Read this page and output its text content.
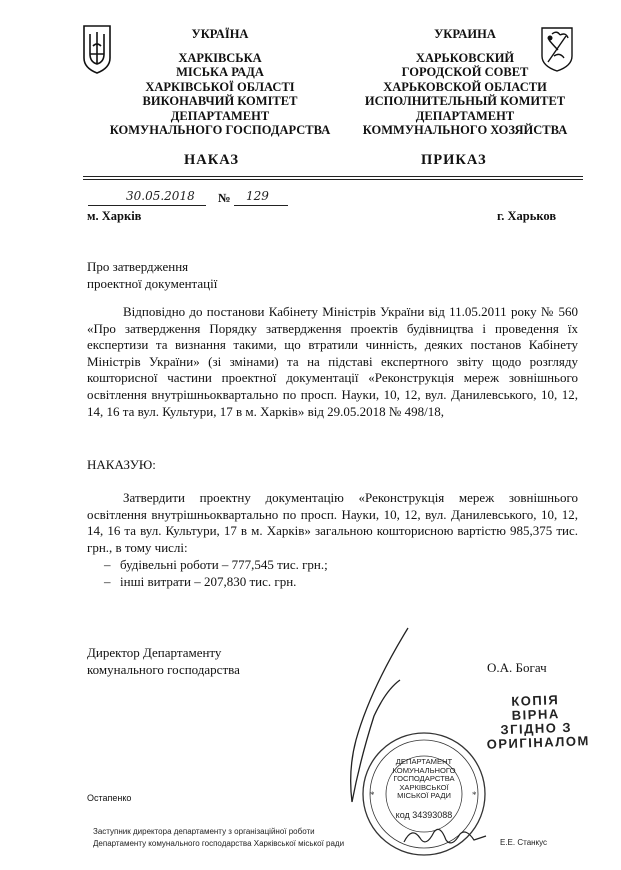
УКРАЇНА
ХАРКІВСЬКА
МІСЬКА РАДА
ХАРКІВСЬКОЇ ОБЛАСТІ
ВИКОНАВЧИЙ КОМІТЕТ
ДЕПАРТАМЕНТ
КОМУНАЛЬНОГО ГОСПОДАРСТВА
УКРАИНА
ХАРЬКОВСКИЙ
ГОРОДСКОЙ СОВЕТ
ХАРЬКОВСКОЙ ОБЛАСТИ
ИСПОЛНИТЕЛЬНЫЙ КОМИТЕТ
ДЕПАРТАМЕНТ
КОММУНАЛЬНОГО ХОЗЯЙСТВА
НАКАЗ	ПРИКАЗ
30.05.2018 № 129
м. Харків	г. Харьков
Про затвердження
проектної документації

Відповідно до постанови Кабінету Міністрів України від 11.05.2011 року № 560 «Про затвердження Порядку затвердження проектів будівництва і проведення їх експертизи та визнання такими, що втратили чинність, деяких постанов Кабінету Міністрів України» (зі змінами) та на підставі експертного звіту щодо розгляду кошторисної частини проектної документації «Реконструкція мереж зовнішнього освітлення внутрішньоквартально по просп. Науки, 10, 12, вул. Данилевського, 10, 12, 14, 16 та вул. Культури, 17 в м. Харків» від 29.05.2018 № 498/18,

НАКАЗУЮ:

Затвердити проектну документацію «Реконструкція мереж зовнішнього освітлення внутрішньоквартально по просп. Науки, 10, 12, вул. Данилевського, 10, 12, 14, 16 та вул. Культури, 17 в м. Харків» загальною кошторисною вартістю 985,375 тис. грн., в тому числі:

– будівельні роботи – 777,545 тис. грн.;
– інші витрати – 207,830 тис. грн.
Директор Департаменту
комунального господарства	О.А. Богач
КОПІЯ ВІРНА
ЗГІДНО З
ОРИГІНАЛОМ
*	*
ДЕПАРТАМЕНТ
КОМУНАЛЬНОГО
ГОСПОДАРСТВА
ХАРКІВСЬКОЇ
МІСЬКОЇ РАДИ
код 34393088
Остапенко
Заступник директора департаменту з організаційної роботи
Департаменту комунального господарства Харківської міської ради	Е.Е. Станкус
